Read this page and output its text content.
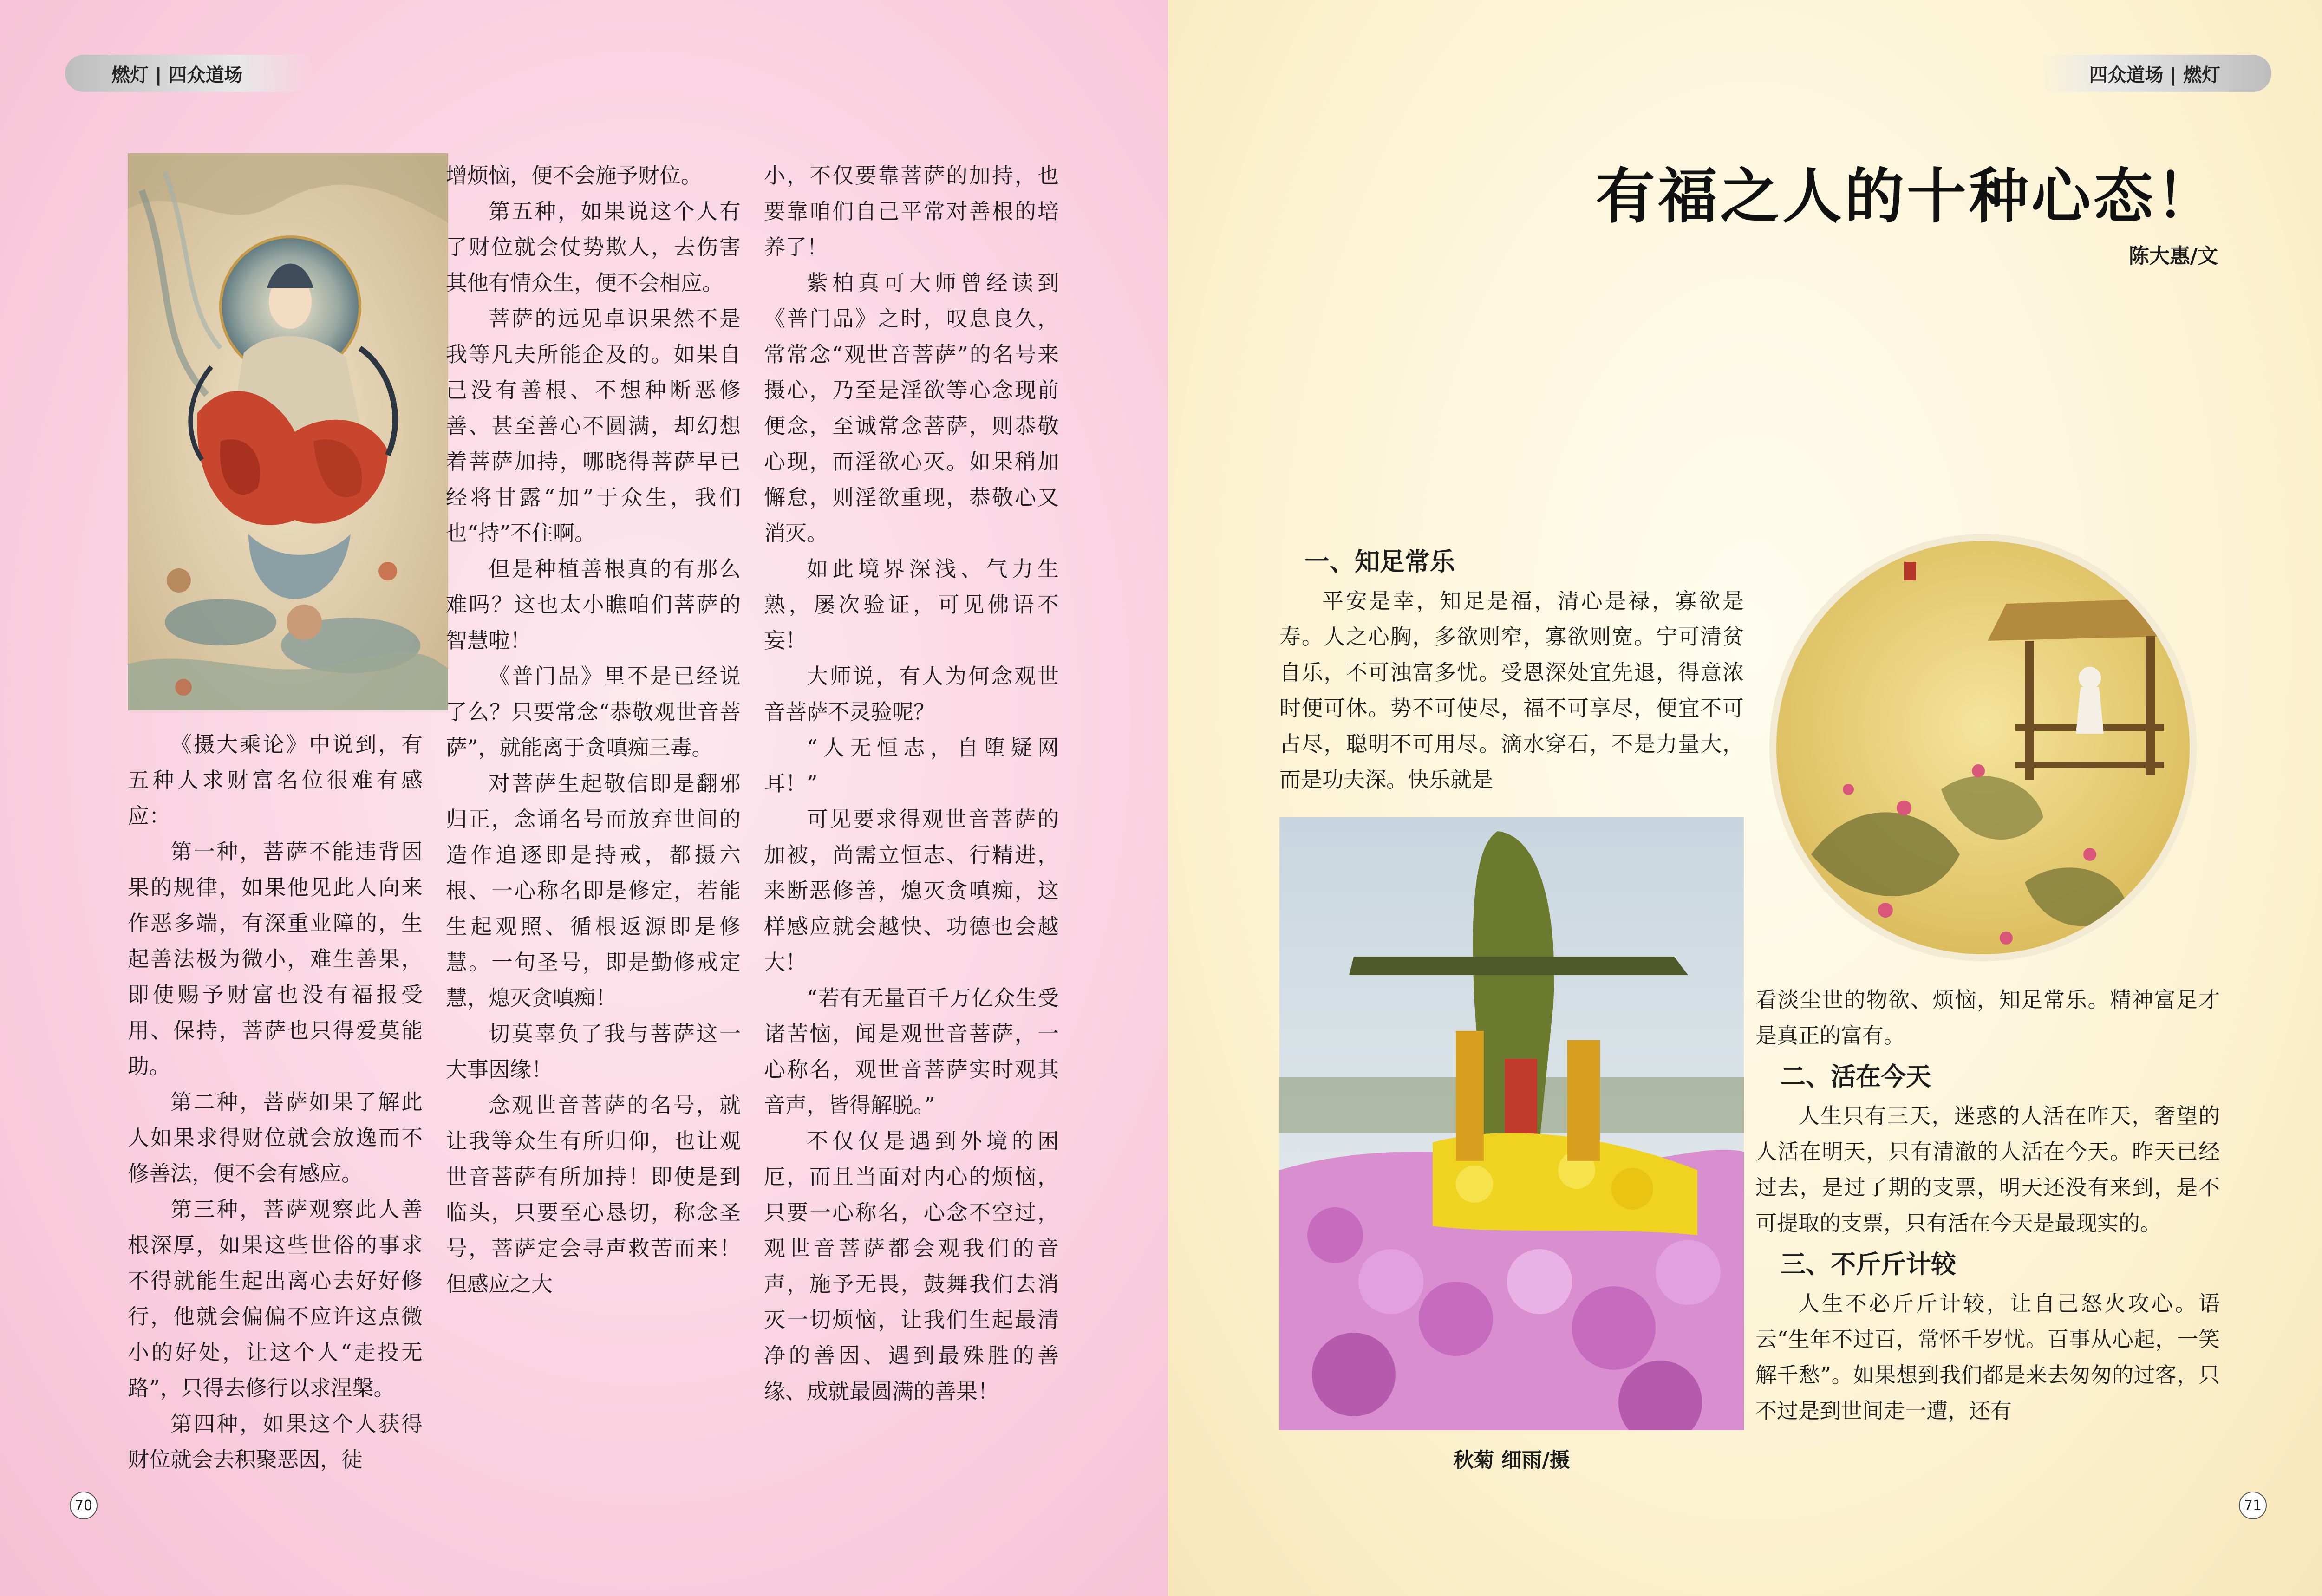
燃灯 | 四众道场

《摄大乘论》中说到，有五种人求财富名位很难有感应：

第一种，菩萨不能违背因果的规律，如果他见此人向来作恶多端，有深重业障的，生起善法极为微小，难生善果，即使赐予财富也没有福报受用、保持，菩萨也只得爱莫能助。

第二种，菩萨如果了解此人如果求得财位就会放逸而不修善法，便不会有感应。

第三种，菩萨观察此人善根深厚，如果这些世俗的事求不得就能生起出离心去好好修行，他就会偏偏不应许这点微小的好处，让这个人“走投无路”，只得去修行以求涅槃。

第四种，如果这个人获得财位就会去积聚恶因，徒

增烦恼，便不会施予财位。

第五种，如果说这个人有了财位就会仗势欺人，去伤害其他有情众生，便不会相应。

菩萨的远见卓识果然不是我等凡夫所能企及的。如果自己没有善根、不想种断恶修善、甚至善心不圆满，却幻想着菩萨加持，哪晓得菩萨早已经将甘露“加”于众生，我们也“持”不住啊。

但是种植善根真的有那么难吗？这也太小瞧咱们菩萨的智慧啦！

《普门品》里不是已经说了么？只要常念“恭敬观世音菩萨”，就能离于贪嗔痴三毒。

对菩萨生起敬信即是翻邪归正，念诵名号而放弃世间的造作追逐即是持戒，都摄六根、一心称名即是修定，若能生起观照、循根返源即是修慧。一句圣号，即是勤修戒定慧，熄灭贪嗔痴！

切莫辜负了我与菩萨这一大事因缘！

念观世音菩萨的名号，就让我等众生有所归仰，也让观世音菩萨有所加持！即使是到临头，只要至心恳切，称念圣号，菩萨定会寻声救苦而来！但感应之大

小，不仅要靠菩萨的加持，也要靠咱们自己平常对善根的培养了！

紫柏真可大师曾经读到《普门品》之时，叹息良久，常常念“观世音菩萨”的名号来摄心，乃至是淫欲等心念现前便念，至诚常念菩萨，则恭敬心现，而淫欲心灭。如果稍加懈怠，则淫欲重现，恭敬心又消灭。

如此境界深浅、气力生熟，屡次验证，可见佛语不妄！

大师说，有人为何念观世音菩萨不灵验呢？

“人无恒志，自堕疑网耳！”

可见要求得观世音菩萨的加被，尚需立恒志、行精进，来断恶修善，熄灭贪嗔痴，这样感应就会越快、功德也会越大！

“若有无量百千万亿众生受诸苦恼，闻是观世音菩萨，一心称名，观世音菩萨实时观其音声，皆得解脱。”

不仅仅是遇到外境的困厄，而且当面对内心的烦恼，只要一心称名，心念不空过，观世音菩萨都会观我们的音声，施予无畏，鼓舞我们去消灭一切烦恼，让我们生起最清净的善因、遇到最殊胜的善缘、成就最圆满的善果！

70
四众道场 | 燃灯
有福之人的十种心态！
陈大惠/文
一、知足常乐

平安是幸，知足是福，清心是禄，寡欲是寿。人之心胸，多欲则窄，寡欲则宽。宁可清贫自乐，不可浊富多忧。受恩深处宜先退，得意浓时便可休。势不可使尽，福不可享尽，便宜不可占尽，聪明不可用尽。滴水穿石，不是力量大，而是功夫深。快乐就是

秋菊 细雨/摄

看淡尘世的物欲、烦恼，知足常乐。精神富足才是真正的富有。

二、活在今天

人生只有三天，迷惑的人活在昨天，奢望的人活在明天，只有清澈的人活在今天。昨天已经过去，是过了期的支票，明天还没有来到，是不可提取的支票，只有活在今天是最现实的。

三、不斤斤计较

人生不必斤斤计较，让自己怒火攻心。语云“生年不过百，常怀千岁忧。百事从心起，一笑解千愁”。如果想到我们都是来去匆匆的过客，只不过是到世间走一遭，还有

71
